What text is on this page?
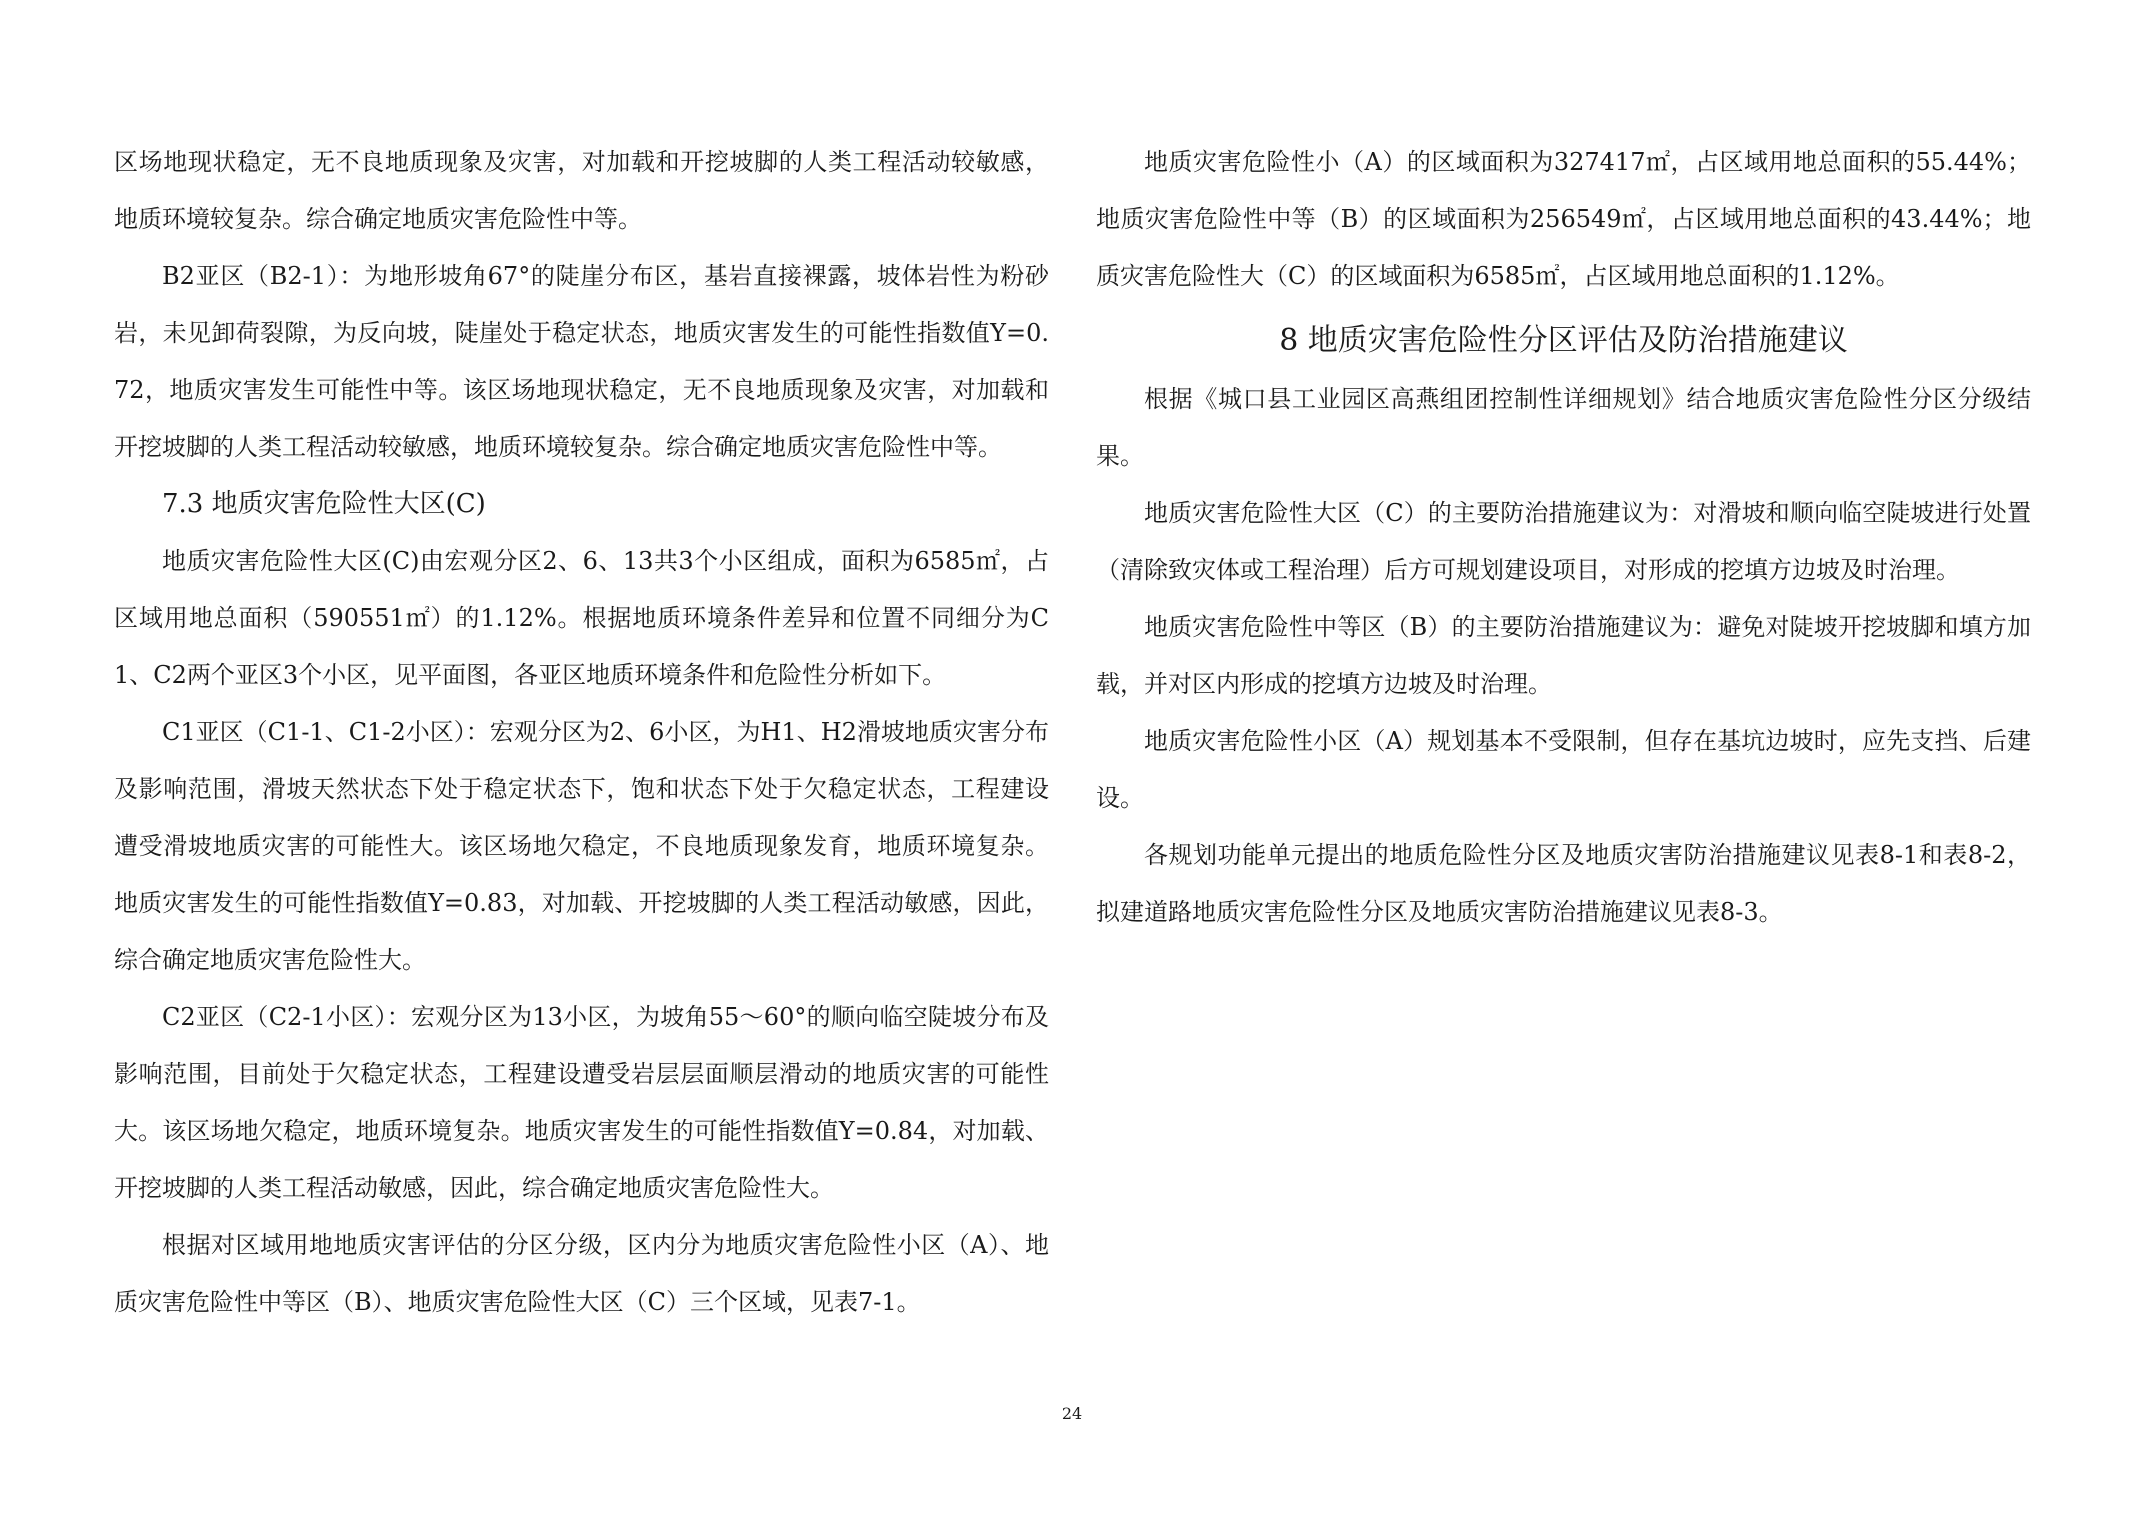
区场地现状稳定，无不良地质现象及灾害，对加载和开挖坡脚的人类工程活动较敏感，地质环境较复杂。综合确定地质灾害危险性中等。

B2亚区（B2-1）：为地形坡角67°的陡崖分布区，基岩直接裸露，坡体岩性为粉砂岩，未见卸荷裂隙，为反向坡，陡崖处于稳定状态，地质灾害发生的可能性指数值Y=0.72，地质灾害发生可能性中等。该区场地现状稳定，无不良地质现象及灾害，对加载和开挖坡脚的人类工程活动较敏感，地质环境较复杂。综合确定地质灾害危险性中等。

7.3 地质灾害危险性大区(C)

地质灾害危险性大区(C)由宏观分区2、6、13共3个小区组成，面积为6585㎡，占区域用地总面积（590551㎡）的1.12%。根据地质环境条件差异和位置不同细分为C1、C2两个亚区3个小区，见平面图，各亚区地质环境条件和危险性分析如下。

C1亚区（C1-1、C1-2小区）：宏观分区为2、6小区，为H1、H2滑坡地质灾害分布及影响范围，滑坡天然状态下处于稳定状态下，饱和状态下处于欠稳定状态，工程建设遭受滑坡地质灾害的可能性大。该区场地欠稳定，不良地质现象发育，地质环境复杂。地质灾害发生的可能性指数值Y=0.83，对加载、开挖坡脚的人类工程活动敏感，因此，综合确定地质灾害危险性大。

C2亚区（C2-1小区）：宏观分区为13小区，为坡角55～60°的顺向临空陡坡分布及影响范围，目前处于欠稳定状态，工程建设遭受岩层层面顺层滑动的地质灾害的可能性大。该区场地欠稳定，地质环境复杂。地质灾害发生的可能性指数值Y=0.84，对加载、开挖坡脚的人类工程活动敏感，因此，综合确定地质灾害危险性大。

根据对区域用地地质灾害评估的分区分级，区内分为地质灾害危险性小区（A）、地质灾害危险性中等区（B）、地质灾害危险性大区（C）三个区域，见表7-1。

地质灾害危险性小（A）的区域面积为327417㎡，占区域用地总面积的55.44%；地质灾害危险性中等（B）的区域面积为256549㎡，占区域用地总面积的43.44%；地质灾害危险性大（C）的区域面积为6585㎡，占区域用地总面积的1.12%。

8 地质灾害危险性分区评估及防治措施建议

根据《城口县工业园区高燕组团控制性详细规划》结合地质灾害危险性分区分级结果。

地质灾害危险性大区（C）的主要防治措施建议为：对滑坡和顺向临空陡坡进行处置（清除致灾体或工程治理）后方可规划建设项目，对形成的挖填方边坡及时治理。

地质灾害危险性中等区（B）的主要防治措施建议为：避免对陡坡开挖坡脚和填方加载，并对区内形成的挖填方边坡及时治理。

地质灾害危险性小区（A）规划基本不受限制，但存在基坑边坡时，应先支挡、后建设。

各规划功能单元提出的地质危险性分区及地质灾害防治措施建议见表8-1和表8-2，拟建道路地质灾害危险性分区及地质灾害防治措施建议见表8-3。

24
